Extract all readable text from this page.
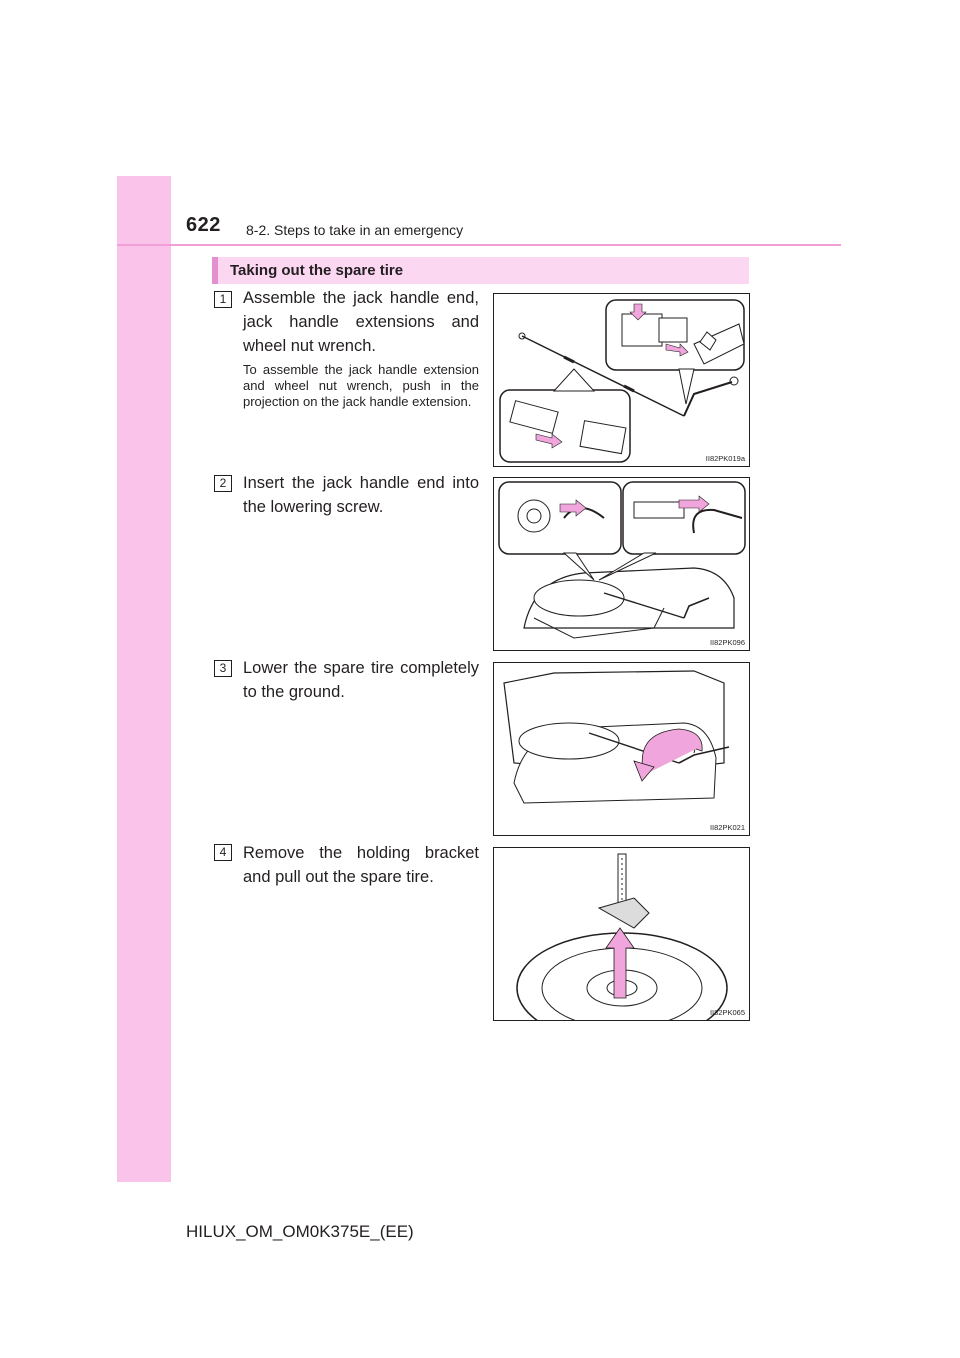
622 8-2. Steps to take in an emergency
Taking out the spare tire
1	Assemble the jack handle end, jack handle extensions and wheel nut wrench.
To assemble the jack handle extension and wheel nut wrench, push in the projection on the jack handle extension.
II82PK019a
2	Insert the jack handle end into the lowering screw.
II82PK096
3	Lower the spare tire completely to the ground.
II82PK021
4	Remove the holding bracket and pull out the spare tire.
II82PK065
HILUX_OM_OM0K375E_(EE)
